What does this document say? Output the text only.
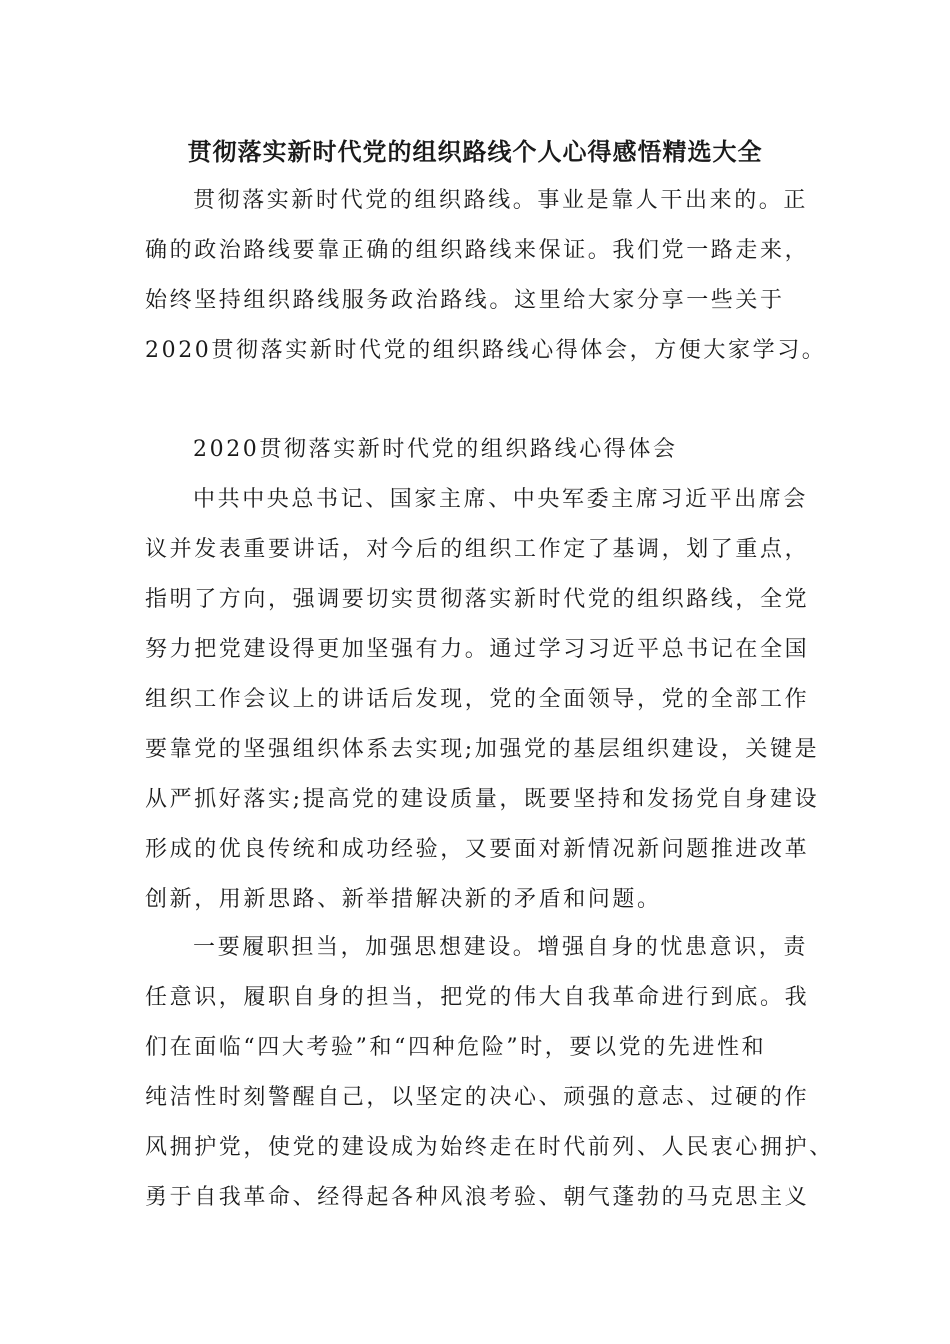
贯彻落实新时代党的组织路线个人心得感悟精选大全
贯彻落实新时代党的组织路线。事业是靠人干出来的。正
确的政治路线要靠正确的组织路线来保证。我们党一路走来，
始终坚持组织路线服务政治路线。这里给大家分享一些关于
2020贯彻落实新时代党的组织路线心得体会，方便大家学习。
2020贯彻落实新时代党的组织路线心得体会
中共中央总书记、国家主席、中央军委主席习近平出席会
议并发表重要讲话，对今后的组织工作定了基调，划了重点，
指明了方向，强调要切实贯彻落实新时代党的组织路线，全党
努力把党建设得更加坚强有力。通过学习习近平总书记在全国
组织工作会议上的讲话后发现，党的全面领导，党的全部工作
要靠党的坚强组织体系去实现;加强党的基层组织建设，关键是
从严抓好落实;提高党的建设质量，既要坚持和发扬党自身建设
形成的优良传统和成功经验，又要面对新情况新问题推进改革
创新，用新思路、新举措解决新的矛盾和问题。
一要履职担当，加强思想建设。增强自身的忧患意识，责
任意识，履职自身的担当，把党的伟大自我革命进行到底。我
们在面临“四大考验”和“四种危险”时，要以党的先进性和
纯洁性时刻警醒自己，以坚定的决心、顽强的意志、过硬的作
风拥护党，使党的建设成为始终走在时代前列、人民衷心拥护、
勇于自我革命、经得起各种风浪考验、朝气蓬勃的马克思主义
